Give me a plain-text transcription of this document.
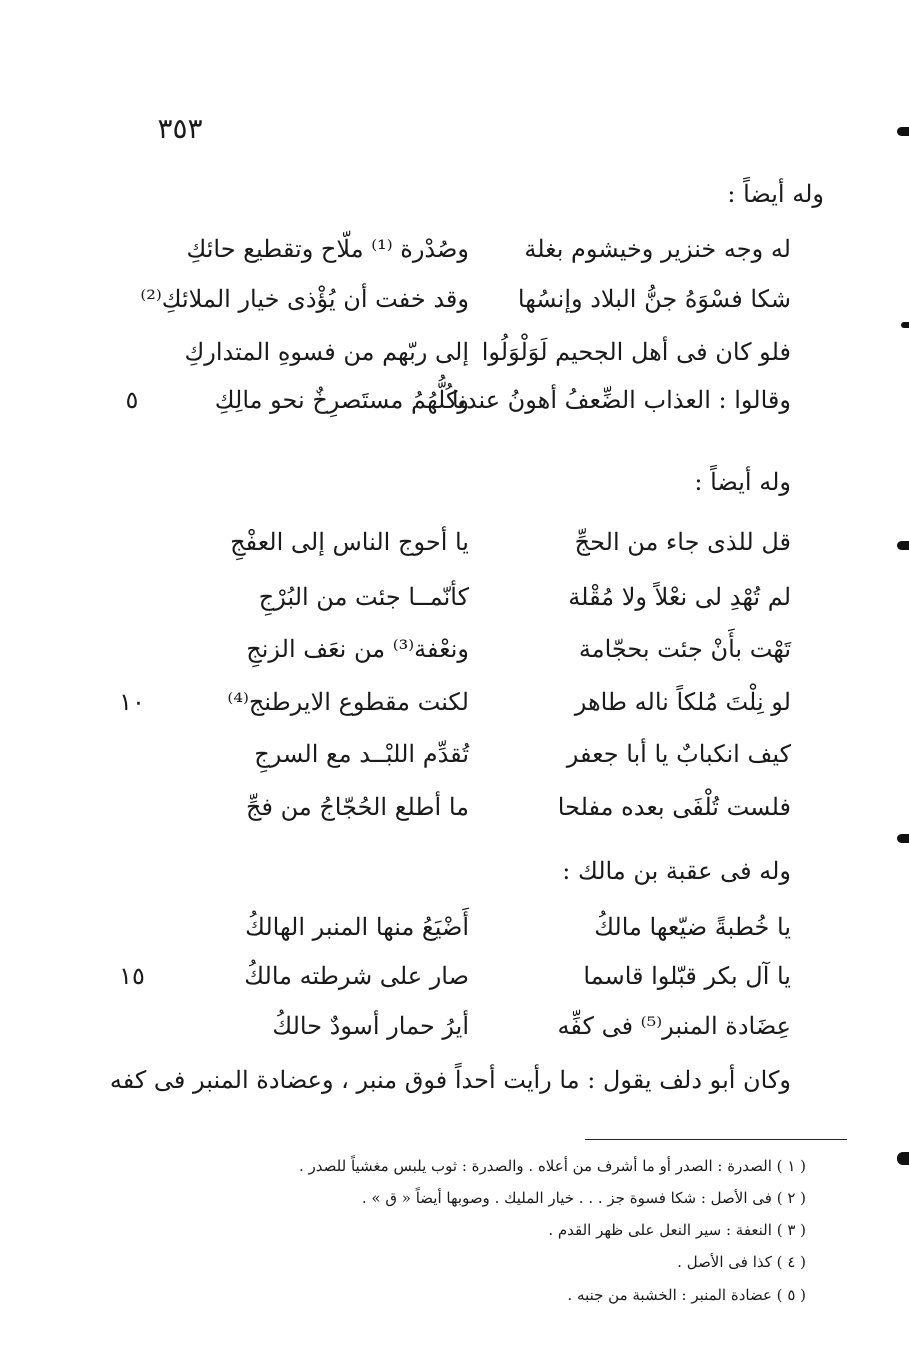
٣٥٣
وله أيضاً :
له وجه خنزير وخيشوم بغلة
وصُدْرة ⁽¹⁾ ملّاح وتقطيع حائكِ
شكا فسْوَهُ جنُّ البلاد وإنسُها
وقد خفت أن يُؤْذى خيار الملائكِ⁽²⁾
فلو كان فى أهل الجحيم لَوَلْوَلُوا
إلى ربّهم من فسوهِ المتداركِ
وقالوا : العذاب الضِّعفُ أهونُ عندنا
وكُلُّهُمُ مستَصرِخٌ نحو مالِكِ
٥
وله أيضاً :
قل للذى جاء من الحجِّ
يا أحوج الناس إلى العفْجِ
لم تُهْدِ لى نعْلاً ولا مُقْلة
كأنّمــا جئت من البُرْجِ
تَهْت بأَنْ جئت بحجّامة
ونعْفة⁽³⁾ من نعَف الزنجِ
لو نِلْتَ مُلكاً ناله طاهر
لكنت مقطوع الايرطنج⁽⁴⁾
١٠
كيف انكبابٌ يا أبا جعفر
تُقدِّم اللبْــد مع السرجِ
فلست تُلْفَى بعده مفلحا
ما أطلع الحُجّاجُ من فجِّ
وله فى عقبة بن مالك :
يا خُطبةً ضيّعها مالكُ
أَضْيَعُ منها المنبر الهالكُ
يا آل بكر قبّلوا قاسما
صار على شرطته مالكُ
١٥
عِضَادة المنبر⁽⁵⁾ فى كفِّه
أيرُ حمار أسودٌ حالكُ
وكان أبو دلف يقول : ما رأيت أحداً فوق منبر ، وعضادة المنبر فى كفه
( ١ ) الصدرة : الصدر أو ما أشرف من أعلاه . والصدرة : ثوب يلبس مغشياً للصدر .
( ٢ ) فى الأصل : شكا فسوة جز . . . خيار المليك . وصوبها أيضاً « ق » .
( ٣ ) النعفة : سير النعل على ظهر القدم .
( ٤ ) كذا فى الأصل .
( ٥ ) عضادة المنبر : الخشبة من جنبه .
